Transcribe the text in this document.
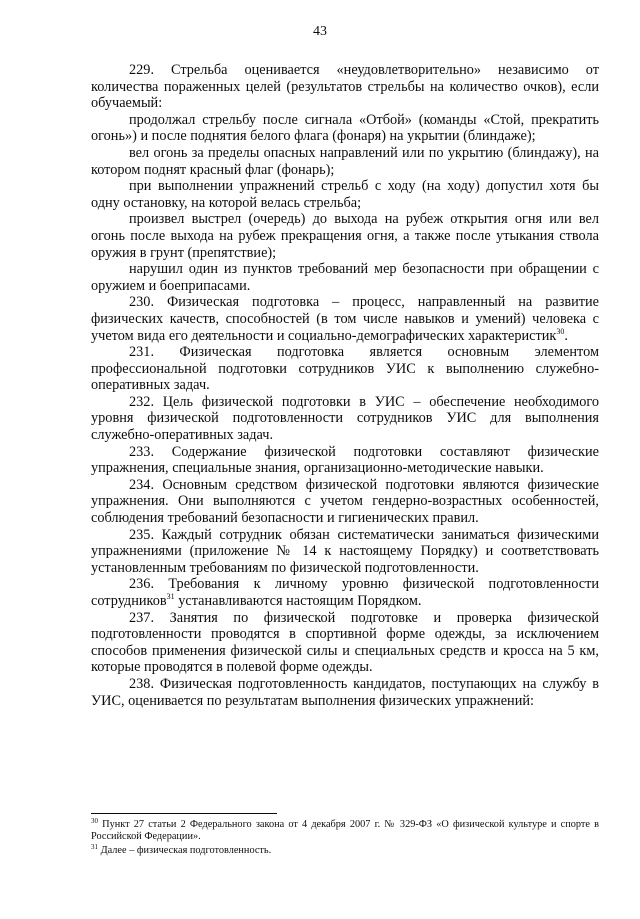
43

229. Стрельба оценивается «неудовлетворительно» независимо от количества пораженных целей (результатов стрельбы на количество очков), если обучаемый:

продолжал стрельбу после сигнала «Отбой» (команды «Стой, прекратить огонь») и после поднятия белого флага (фонаря) на укрытии (блиндаже);

вел огонь за пределы опасных направлений или по укрытию (блиндажу), на котором поднят красный флаг (фонарь);

при выполнении упражнений стрельб с ходу (на ходу) допустил хотя бы одну остановку, на которой велась стрельба;

произвел выстрел (очередь) до выхода на рубеж открытия огня или вел огонь после выхода на рубеж прекращения огня, а также после утыкания ствола оружия в грунт (препятствие);

нарушил один из пунктов требований мер безопасности при обращении с оружием и боеприпасами.

230. Физическая подготовка – процесс, направленный на развитие физических качеств, способностей (в том числе навыков и умений) человека с учетом вида его деятельности и социально-демографических характеристик$^{30}$.

231. Физическая подготовка является основным элементом профессиональной подготовки сотрудников УИС к выполнению служебно-оперативных задач.

232. Цель физической подготовки в УИС – обеспечение необходимого уровня физической подготовленности сотрудников УИС для выполнения служебно-оперативных задач.

233. Содержание физической подготовки составляют физические упражнения, специальные знания, организационно-методические навыки.

234. Основным средством физической подготовки являются физические упражнения. Они выполняются с учетом гендерно-возрастных особенностей, соблюдения требований безопасности и гигиенических правил.

235. Каждый сотрудник обязан систематически заниматься физическими упражнениями (приложение № 14 к настоящему Порядку) и соответствовать установленным требованиям по физической подготовленности.

236. Требования к личному уровню физической подготовленности сотрудников$^{31}$ устанавливаются настоящим Порядком.

237. Занятия по физической подготовке и проверка физической подготовленности проводятся в спортивной форме одежды, за исключением способов применения физической силы и специальных средств и кросса на 5 км, которые проводятся в полевой форме одежды.

238. Физическая подготовленность кандидатов, поступающих на службу в УИС, оценивается по результатам выполнения физических упражнений:

$^{30}$ Пункт 27 статьи 2 Федерального закона от 4 декабря 2007 г. № 329-ФЗ «О физической культуре и спорте в Российской Федерации».

$^{31}$ Далее – физическая подготовленность.
